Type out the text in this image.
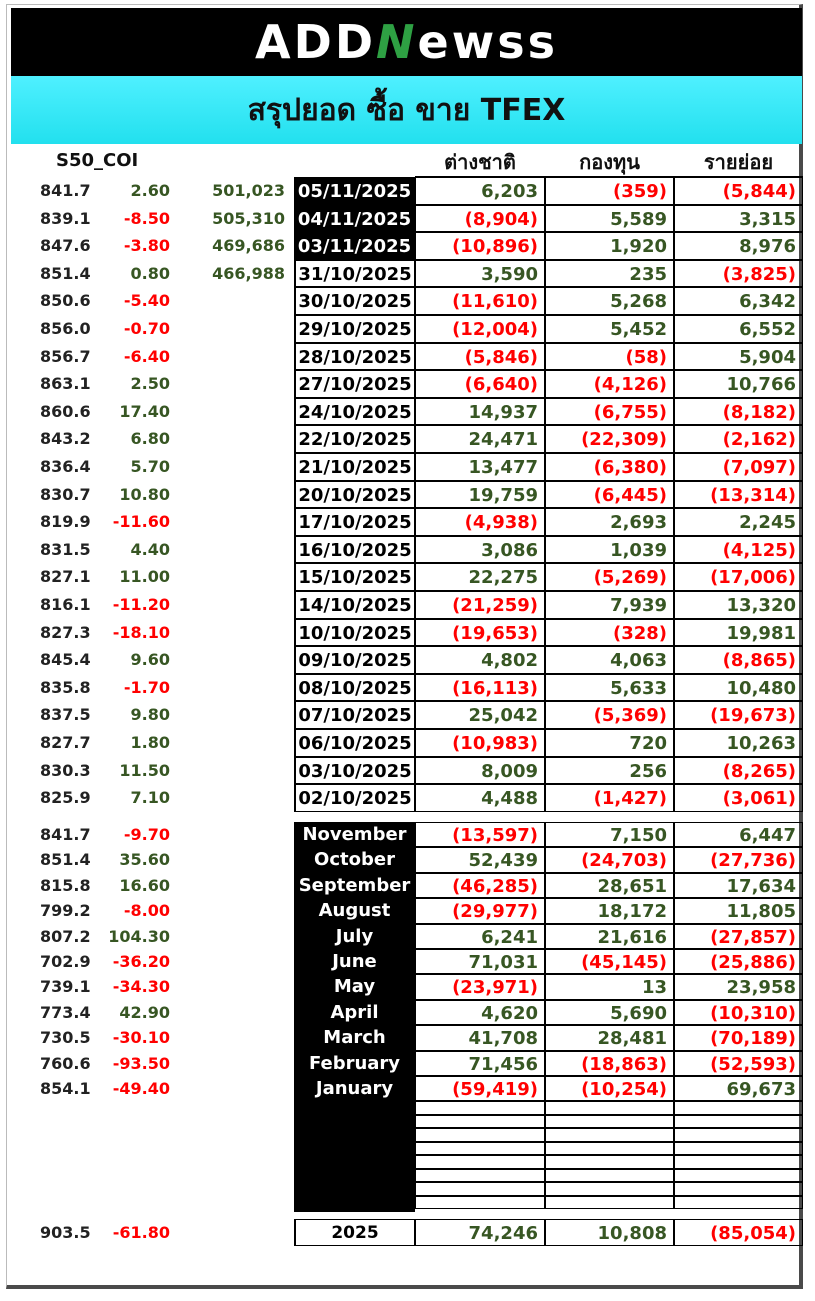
ADDNewss
สรุปยอด ซื้อ ขาย TFEX
S50_COI	ต่างชาติ	กองทุน	รายย่อย
841.7	2.60	501,023 05/11/2025	6,203	(359)	(5,844)
839.1	-8.50	505,310 04/11/2025	(8,904)	5,589	3,315
847.6	-3.80	469,686 03/11/2025	(10,896)	1,920	8,976
851.4	0.80	466,988 31/10/2025	3,590	235	(3,825)
850.6	-5.40	30/10/2025	(11,610)	5,268	6,342
856.0	-0.70	29/10/2025	(12,004)	5,452	6,552
856.7	-6.40	28/10/2025	(5,846)	(58)	5,904
863.1	2.50	27/10/2025	(6,640)	(4,126)	10,766
860.6	17.40	24/10/2025	14,937	(6,755)	(8,182)
843.2	6.80	22/10/2025	24,471	(22,309)	(2,162)
836.4	5.70	21/10/2025	13,477	(6,380)	(7,097)
830.7	10.80	20/10/2025	19,759	(6,445)	(13,314)
819.9	-11.60	17/10/2025	(4,938)	2,693	2,245
831.5	4.40	16/10/2025	3,086	1,039	(4,125)
827.1	11.00	15/10/2025	22,275	(5,269)	(17,006)
816.1	-11.20	14/10/2025	(21,259)	7,939	13,320
827.3	-18.10	10/10/2025	(19,653)	(328)	19,981
845.4	9.60	09/10/2025	4,802	4,063	(8,865)
835.8	-1.70	08/10/2025	(16,113)	5,633	10,480
837.5	9.80	07/10/2025	25,042	(5,369)	(19,673)
827.7	1.80	06/10/2025	(10,983)	720	10,263
830.3	11.50	03/10/2025	8,009	256	(8,265)
825.9	7.10	02/10/2025	4,488	(1,427)	(3,061)
841.7	-9.70	November	(13,597)	7,150	6,447
851.4	35.60	October	52,439	(24,703)	(27,736)
815.8	16.60	September	(46,285)	28,651	17,634
799.2	-8.00	August	(29,977)	18,172	11,805
807.2	104.30	July	6,241	21,616	(27,857)
702.9	-36.20	June	71,031	(45,145)	(25,886)
739.1	-34.30	May	(23,971)	13	23,958
773.4	42.90	April	4,620	5,690	(10,310)
730.5	-30.10	March	41,708	28,481	(70,189)
760.6	-93.50	February	71,456	(18,863)	(52,593)
854.1	-49.40	January	(59,419)	(10,254)	69,673
903.5	-61.80	2025	74,246	10,808	(85,054)
